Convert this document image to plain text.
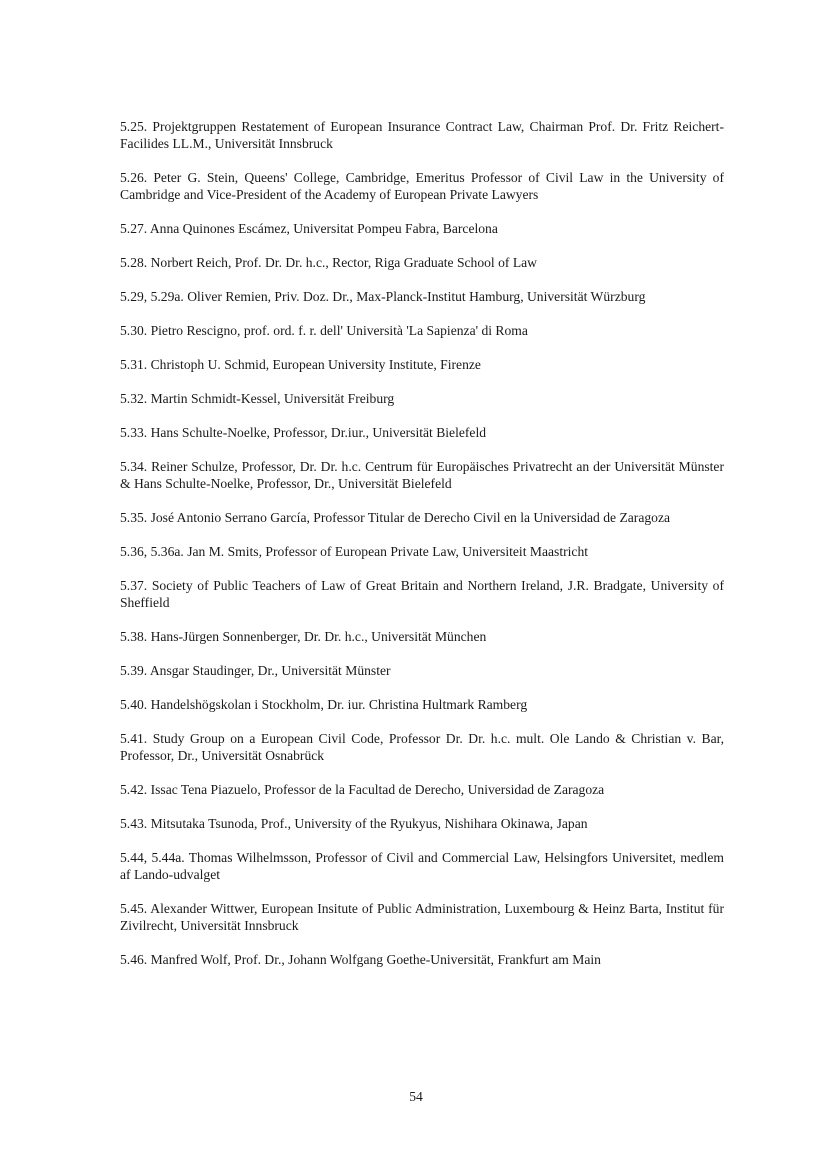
5.25. Projektgruppen Restatement of European Insurance Contract Law, Chairman Prof. Dr. Fritz Reichert-Facilides LL.M., Universität Innsbruck
5.26. Peter G. Stein, Queens' College, Cambridge, Emeritus Professor of Civil Law in the University of Cambridge and Vice-President of the Academy of European Private Lawyers
5.27. Anna Quinones Escámez, Universitat Pompeu Fabra, Barcelona
5.28. Norbert Reich, Prof. Dr. Dr. h.c., Rector, Riga Graduate School of Law
5.29, 5.29a. Oliver Remien, Priv. Doz. Dr., Max-Planck-Institut Hamburg, Universität Würzburg
5.30. Pietro Rescigno, prof. ord. f. r. dell' Università 'La Sapienza' di Roma
5.31. Christoph U. Schmid, European University Institute, Firenze
5.32. Martin Schmidt-Kessel, Universität Freiburg
5.33. Hans Schulte-Noelke, Professor, Dr.iur., Universität Bielefeld
5.34. Reiner Schulze, Professor, Dr. Dr. h.c. Centrum für Europäisches Privatrecht an der Universität Münster & Hans Schulte-Noelke, Professor, Dr., Universität Bielefeld
5.35. José Antonio Serrano García, Professor Titular de Derecho Civil en la Universidad de Zaragoza
5.36, 5.36a. Jan M. Smits, Professor of European Private Law, Universiteit Maastricht
5.37. Society of Public Teachers of Law of Great Britain and Northern Ireland, J.R. Bradgate, University of Sheffield
5.38. Hans-Jürgen Sonnenberger, Dr. Dr. h.c., Universität München
5.39. Ansgar Staudinger, Dr., Universität Münster
5.40. Handelshögskolan i Stockholm, Dr. iur. Christina Hultmark Ramberg
5.41. Study Group on a European Civil Code, Professor Dr. Dr. h.c. mult. Ole Lando & Christian v. Bar, Professor, Dr., Universität Osnabrück
5.42. Issac Tena Piazuelo, Professor de la Facultad de Derecho, Universidad de Zaragoza
5.43. Mitsutaka Tsunoda, Prof., University of the Ryukyus, Nishihara Okinawa, Japan
5.44, 5.44a. Thomas Wilhelmsson, Professor of Civil and Commercial Law, Helsingfors Universitet, medlem af Lando-udvalget
5.45. Alexander Wittwer, European Insitute of Public Administration, Luxembourg & Heinz Barta, Institut für Zivilrecht, Universität Innsbruck
5.46. Manfred Wolf, Prof. Dr., Johann Wolfgang Goethe-Universität, Frankfurt am Main
54
